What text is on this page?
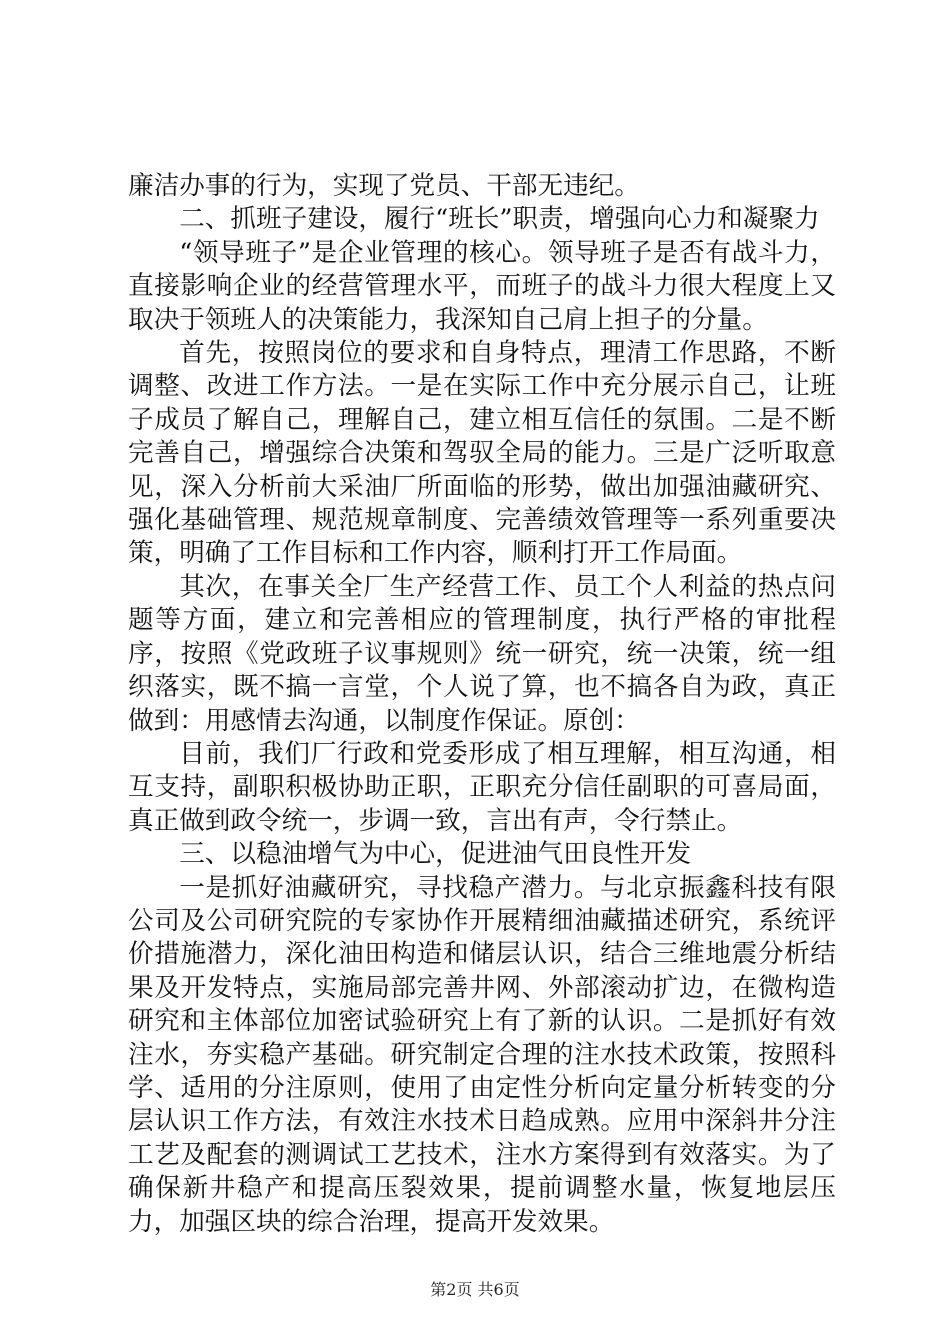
廉洁办事的行为，实现了党员、干部无违纪。

二、抓班子建设，履行“班长”职责，增强向心力和凝聚力

“领导班子”是企业管理的核心。领导班子是否有战斗力，直接影响企业的经营管理水平，而班子的战斗力很大程度上又取决于领班人的决策能力，我深知自己肩上担子的分量。

首先，按照岗位的要求和自身特点，理清工作思路，不断调整、改进工作方法。一是在实际工作中充分展示自己，让班子成员了解自己，理解自己，建立相互信任的氛围。二是不断完善自己，增强综合决策和驾驭全局的能力。三是广泛听取意见，深入分析前大采油厂所面临的形势，做出加强油藏研究、强化基础管理、规范规章制度、完善绩效管理等一系列重要决策，明确了工作目标和工作内容，顺利打开工作局面。

其次，在事关全厂生产经营工作、员工个人利益的热点问题等方面，建立和完善相应的管理制度，执行严格的审批程序，按照《党政班子议事规则》统一研究，统一决策，统一组织落实，既不搞一言堂，个人说了算，也不搞各自为政，真正做到：用感情去沟通，以制度作保证。原创：

目前，我们厂行政和党委形成了相互理解，相互沟通，相互支持，副职积极协助正职，正职充分信任副职的可喜局面，真正做到政令统一，步调一致，言出有声，令行禁止。

三、以稳油增气为中心，促进油气田良性开发

一是抓好油藏研究，寻找稳产潜力。与北京振鑫科技有限公司及公司研究院的专家协作开展精细油藏描述研究，系统评价措施潜力，深化油田构造和储层认识，结合三维地震分析结果及开发特点，实施局部完善井网、外部滚动扩边，在微构造研究和主体部位加密试验研究上有了新的认识。二是抓好有效注水，夯实稳产基础。研究制定合理的注水技术政策，按照科学、适用的分注原则，使用了由定性分析向定量分析转变的分层认识工作方法，有效注水技术日趋成熟。应用中深斜井分注工艺及配套的测调试工艺技术，注水方案得到有效落实。为了确保新井稳产和提高压裂效果，提前调整水量，恢复地层压力，加强区块的综合治理，提高开发效果。

第2页 共6页
